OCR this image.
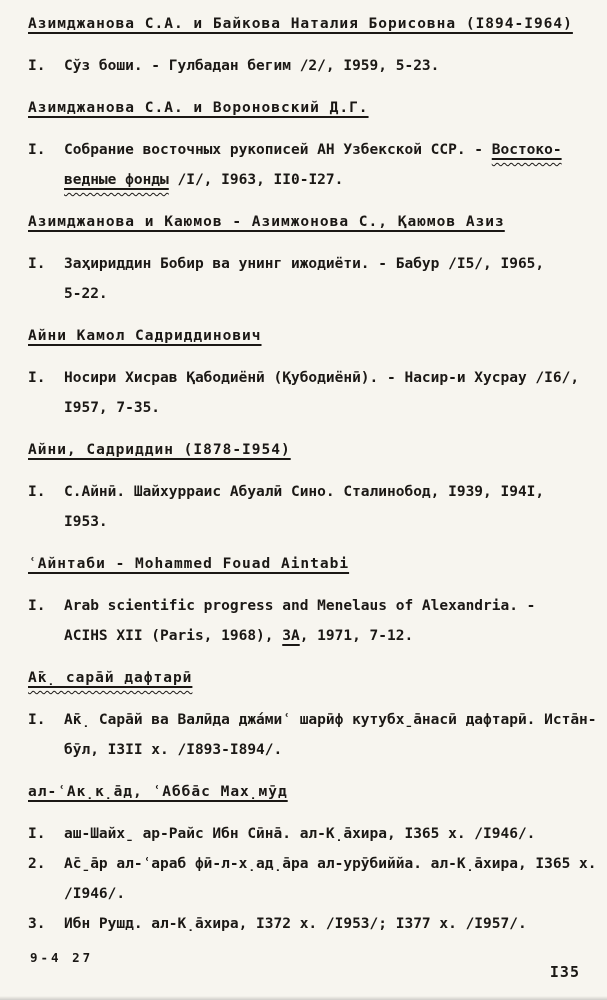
Азимджанова С.А. и Байкова Наталия Борисовна (I894-I964)
I.	Сўз боши. - Гулбадан бегим /2/, I959, 5-23.
Азимджанова С.А. и Вороновский Д.Г.
I.	Собрание восточных рукописей АН Узбекской ССР. - Востоко-
ведные фонды /I/, I963, II0-I27.
Азимджанова и Каюмов - Азимжонова С., Қаюмов Азиз
I.	Заҳириддин Бобир ва унинг ижодиёти. - Бабур /I5/, I965,
5-22.
Айни Камол Садриддинович
I.	Носири Хисрав Қабодиёнӣ (Қубодиёнӣ). - Насир-и Хусрау /I6/,
I957, 7-35.
Айни, Садриддин (I878-I954)
I.	С.Айнӣ. Шайхурраис Абуалӣ Сино. Сталинобод, I939, I94I,
I953.
ʿАйнтаби - Mohammed Fouad Aintabi
I.	Arab scientific progress and Menelaus of Alexandria. -
ACIHS XII (Paris, 1968), 3A, 1971, 7-12.
А̄к̣ сара̄й дафтарӣ
I.	А̄к̣ Сара̄й ва Валӣда джа́миʿ шарӣф кутубх̱а̄насӣ дафтарӣ. Иста̄н-
бӯл, I3II х. /I893-I894/.
ал-ʿАк̣к̣а̄д, ʿАбба̄с Мах̣мӯд
I.	аш-Шайх̱ ар-Райс Ибн Сӣна̄. ал-К̣а̄хира, I365 х. /I946/.
2.	А̄с̱а̄р ал-ʿараб фӣ-л-х̣ад̣а̄ра ал-урӯбиййа. ал-К̣а̄хира, I365 х.
/I946/.
3.	Ибн Рушд. ал-К̣а̄хира, I372 х. /I953/; I377 х. /I957/.
9-4 27
I35
